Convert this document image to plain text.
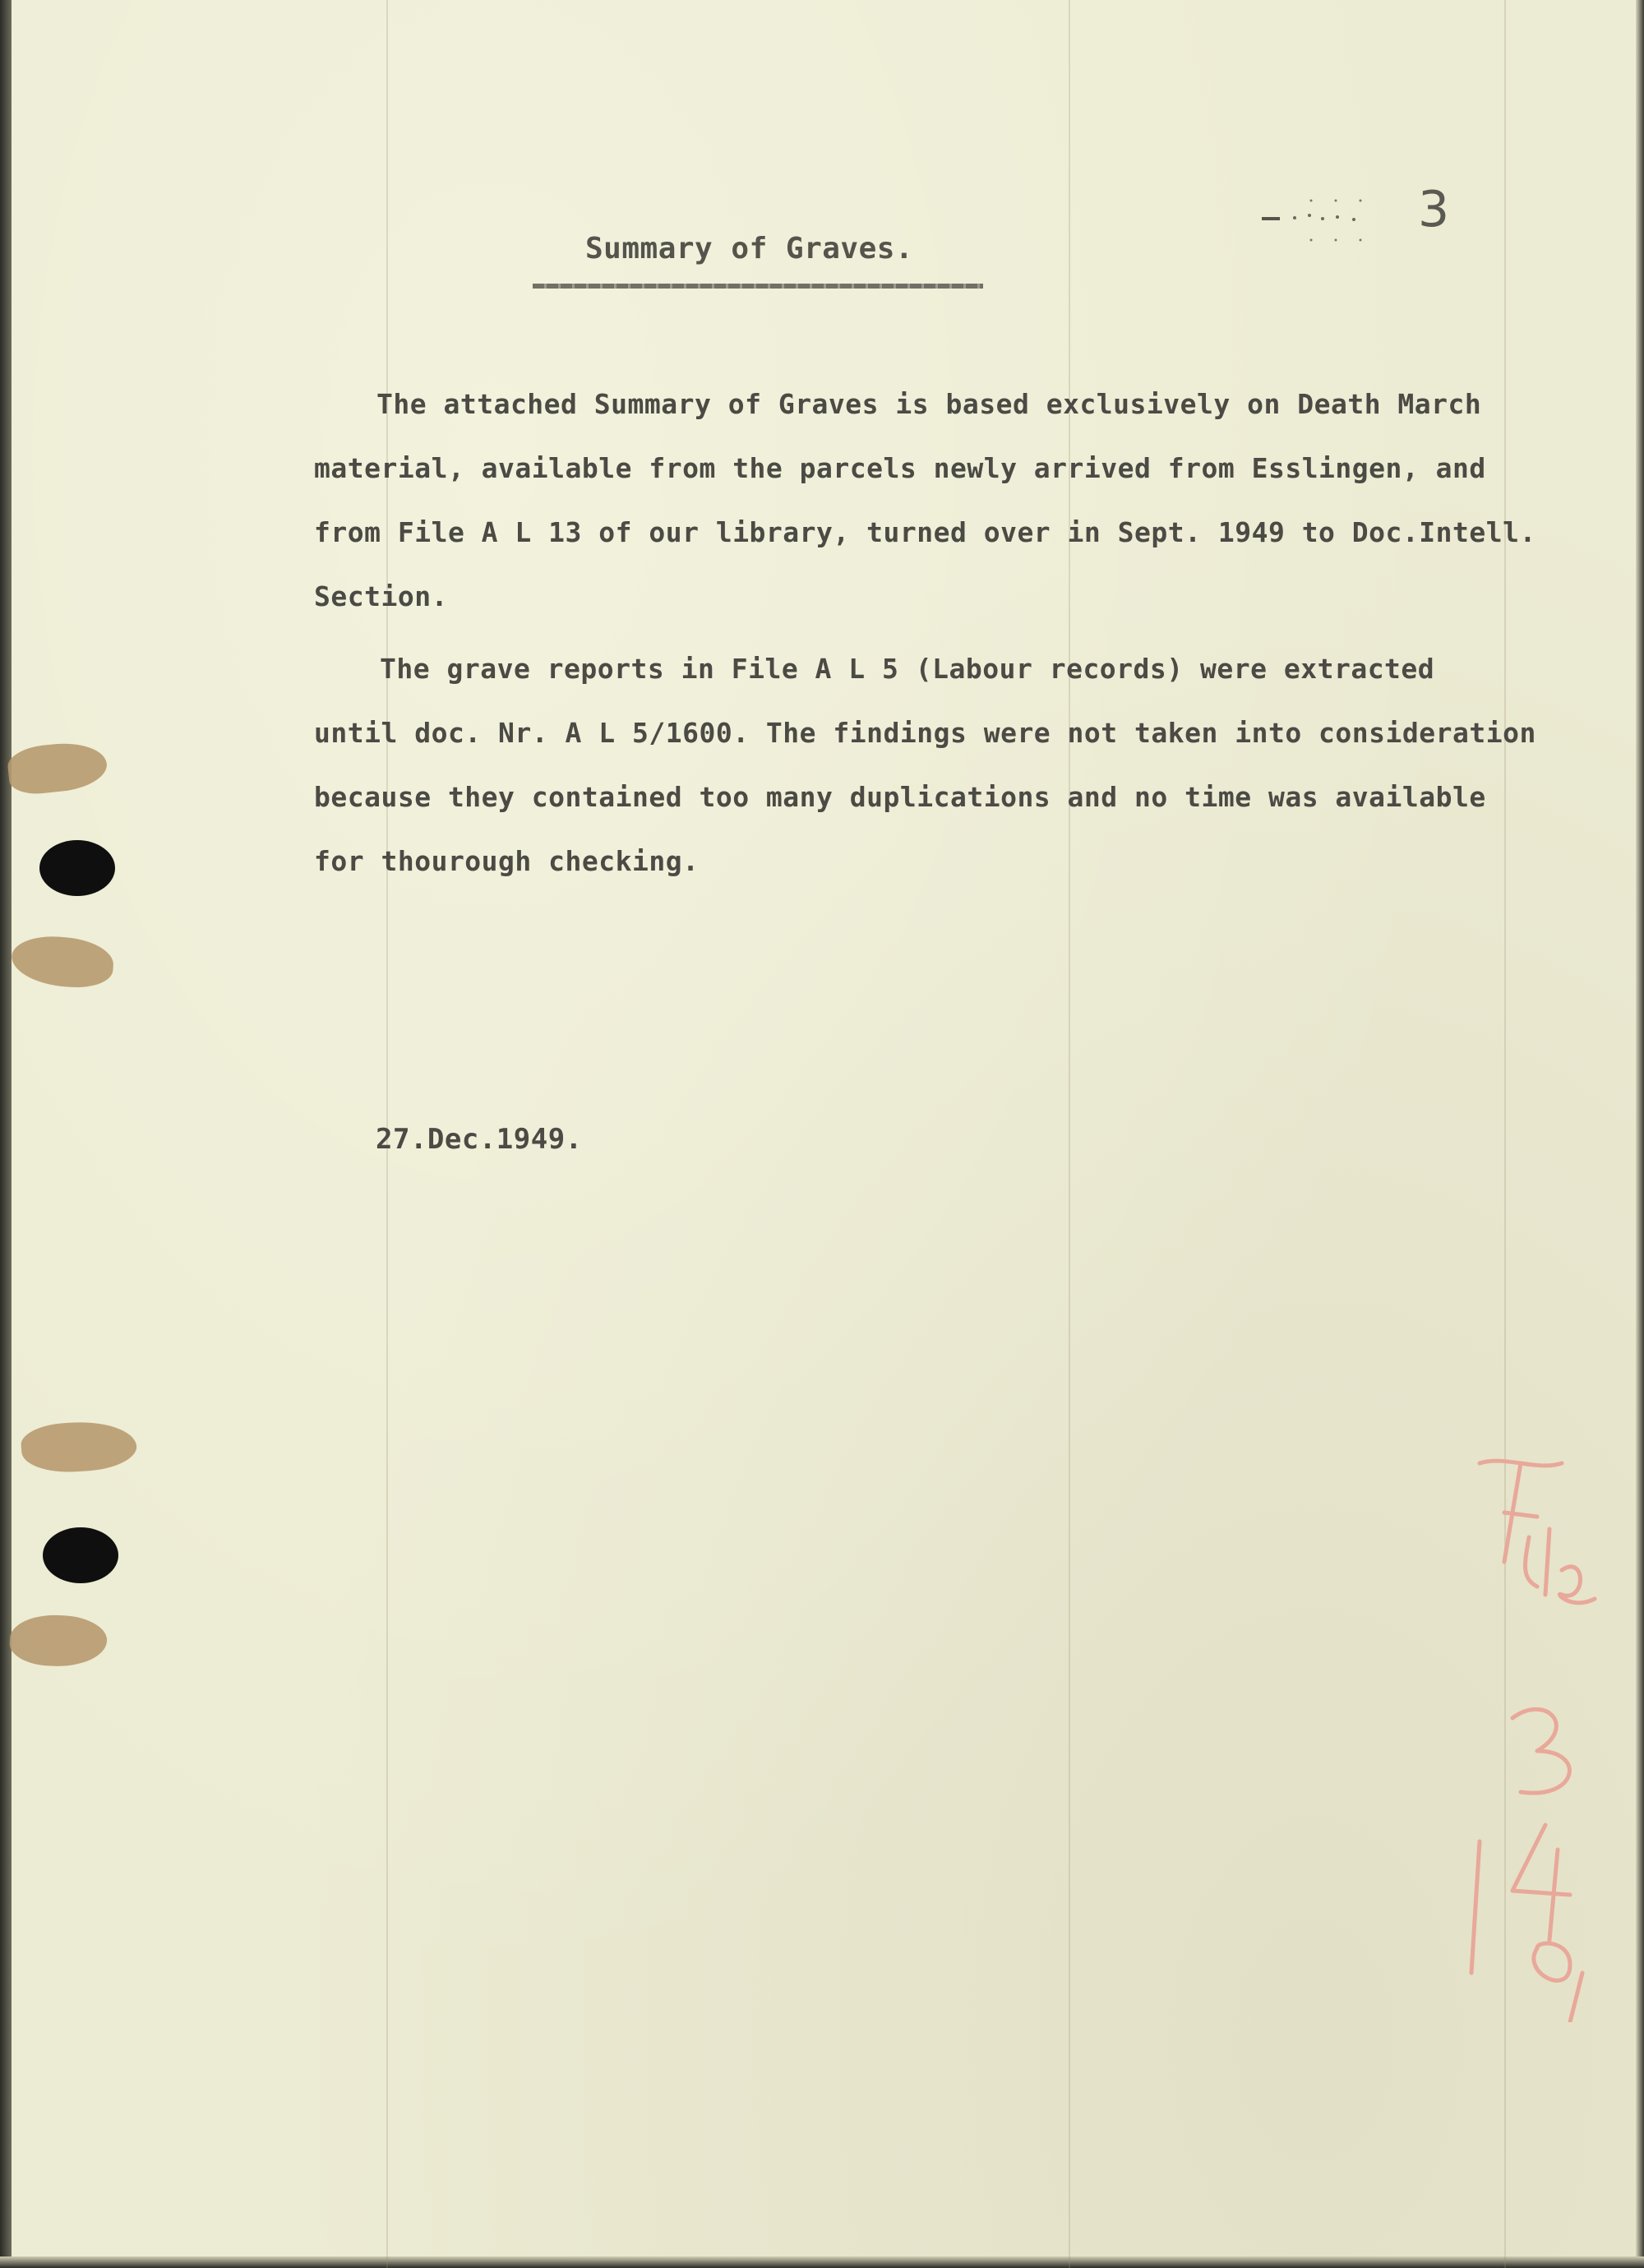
3
Summary of Graves.
The attached Summary of Graves is based exclusively on Death March
material, available from the parcels newly arrived from Esslingen, and
from File A L 13 of our library, turned over in Sept. 1949 to Doc.Intell.
Section.
The grave reports in File A L 5 (Labour records) were extracted
until doc. Nr. A L 5/1600. The findings were not taken into consideration
because they contained too many duplications and no time was available
for thourough checking.
27.Dec.1949.
